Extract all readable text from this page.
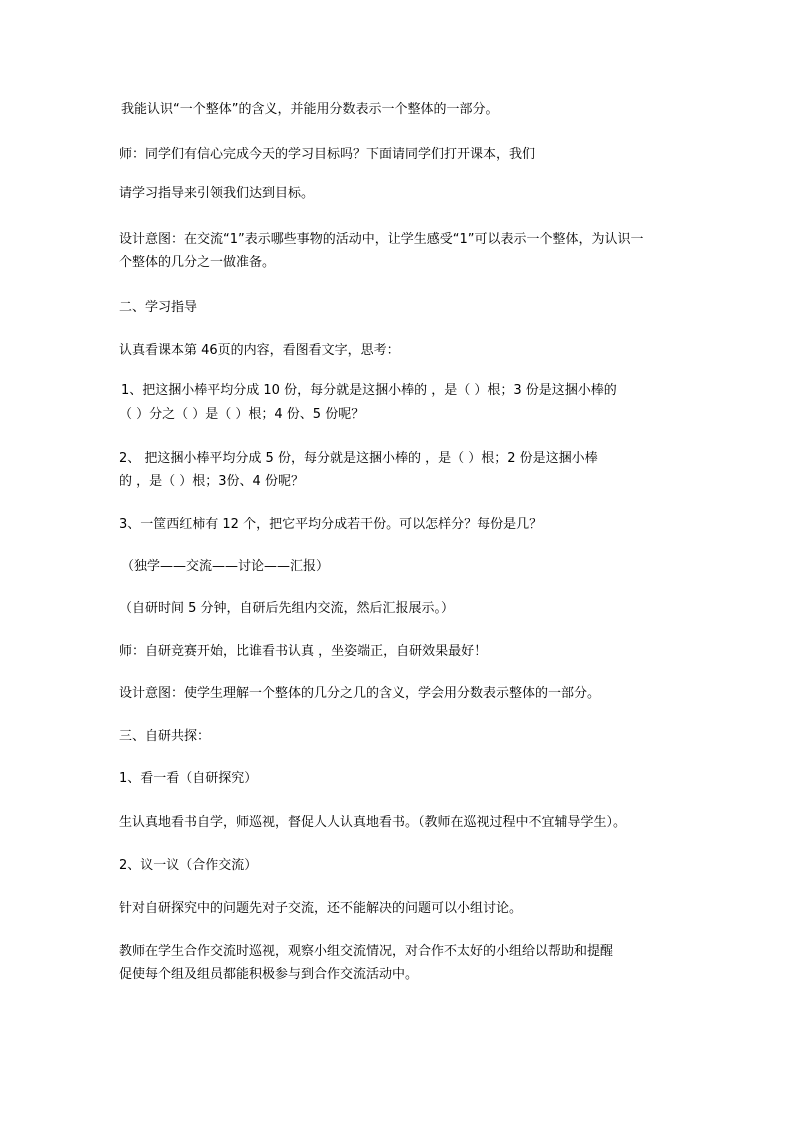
我能认识“一个整体”的含义，并能用分数表示一个整体的一部分。
师：同学们有信心完成今天的学习目标吗？下面请同学们打开课本，我们
请学习指导来引领我们达到目标。
设计意图：在交流“1”表示哪些事物的活动中，让学生感受“1”可以表示一个整体，为认识一
个整体的几分之一做准备。
二、学习指导
认真看课本第 46页的内容，看图看文字，思考：
1、把这捆小棒平均分成 10 份，每分就是这捆小棒的 ，是（ ）根；3 份是这捆小棒的
（ ）分之（ ）是（ ）根；4 份、5 份呢？
2、 把这捆小棒平均分成 5 份，每分就是这捆小棒的 ，是（ ）根；2 份是这捆小棒
的 ，是（ ）根；3份、4 份呢？
3、一筐西红柿有 12 个，把它平均分成若干份。可以怎样分？每份是几？
（独学——交流——讨论——汇报）
（自研时间 5 分钟，自研后先组内交流，然后汇报展示。）
师：自研竞赛开始，比谁看书认真 ，坐姿端正，自研效果最好！
设计意图：使学生理解一个整体的几分之几的含义，学会用分数表示整体的一部分。
三、自研共探：
1、看一看（自研探究）
生认真地看书自学，师巡视，督促人人认真地看书。（教师在巡视过程中不宜辅导学生）。
2、议一议（合作交流）
针对自研探究中的问题先对子交流，还不能解决的问题可以小组讨论。
教师在学生合作交流时巡视，观察小组交流情况，对合作不太好的小组给以帮助和提醒
促使每个组及组员都能积极参与到合作交流活动中。
